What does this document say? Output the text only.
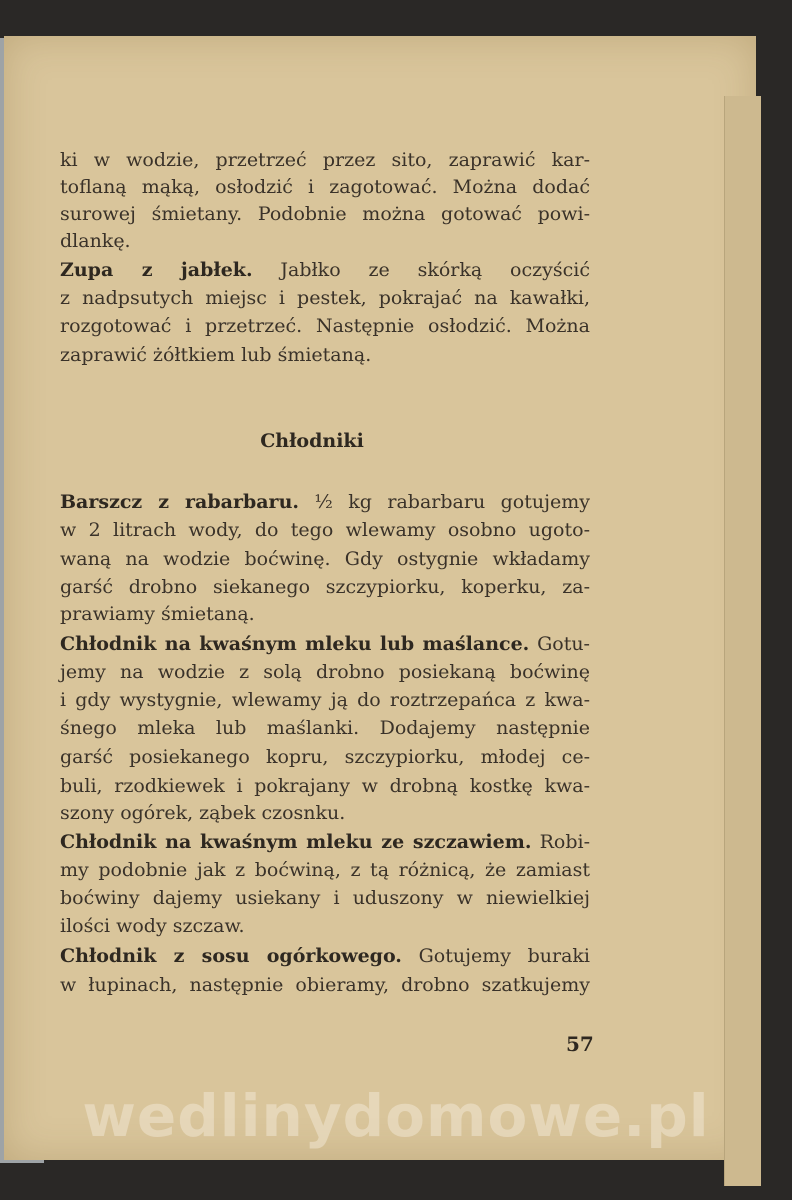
ki w wodzie, przetrzeć przez sito, zaprawić kar-
toflaną mąką, osłodzić i zagotować. Można dodać
surowej śmietany. Podobnie można gotować powi-
dlankę.
Zupa z jabłek. Jabłko ze skórką oczyścić
z nadpsutych miejsc i pestek, pokrajać na kawałki,
rozgotować i przetrzeć. Następnie osłodzić. Można
zaprawić żółtkiem lub śmietaną.
Chłodniki
Barszcz z rabarbaru. ½ kg rabarbaru gotujemy
w 2 litrach wody, do tego wlewamy osobno ugoto-
waną na wodzie boćwinę. Gdy ostygnie wkładamy
garść drobno siekanego szczypiorku, koperku, za-
prawiamy śmietaną.
Chłodnik na kwaśnym mleku lub maślance. Gotu-
jemy na wodzie z solą drobno posiekaną boćwinę
i gdy wystygnie, wlewamy ją do roztrzepańca z kwa-
śnego mleka lub maślanki. Dodajemy następnie
garść posiekanego kopru, szczypiorku, młodej ce-
buli, rzodkiewek i pokrajany w drobną kostkę kwa-
szony ogórek, ząbek czosnku.
Chłodnik na kwaśnym mleku ze szczawiem. Robi-
my podobnie jak z boćwiną, z tą różnicą, że zamiast
boćwiny dajemy usiekany i uduszony w niewielkiej
ilości wody szczaw.
Chłodnik z sosu ogórkowego. Gotujemy buraki
w łupinach, następnie obieramy, drobno szatkujemy
57
wedlinydomowe.pl
